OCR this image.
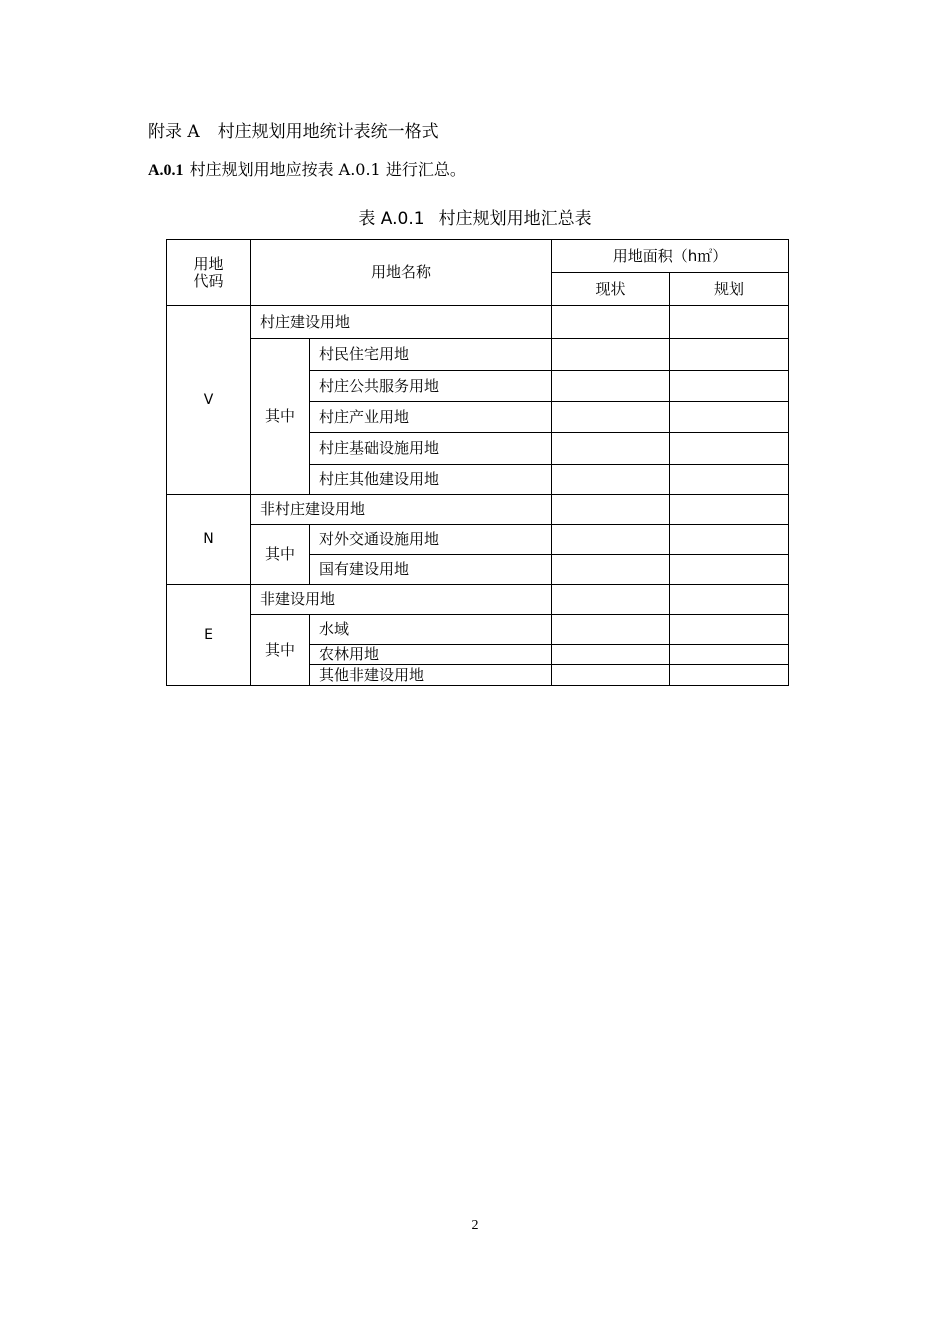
附录 A 村庄规划用地统计表统一格式
A.0.1 村庄规划用地应按表 A.0.1 进行汇总。
表 A.0.1 村庄规划用地汇总表
用地
代码	用地名称		用地面积（h㎡）	
			现状	规划
V	村庄建设用地			
	其中	村民住宅用地		
		村庄公共服务用地		
		村庄产业用地		
		村庄基础设施用地		
		村庄其他建设用地		
N	非村庄建设用地			
	其中	对外交通设施用地		
		国有建设用地		
E	非建设用地			
	其中	水域		
		农林用地		
		其他非建设用地		
2
